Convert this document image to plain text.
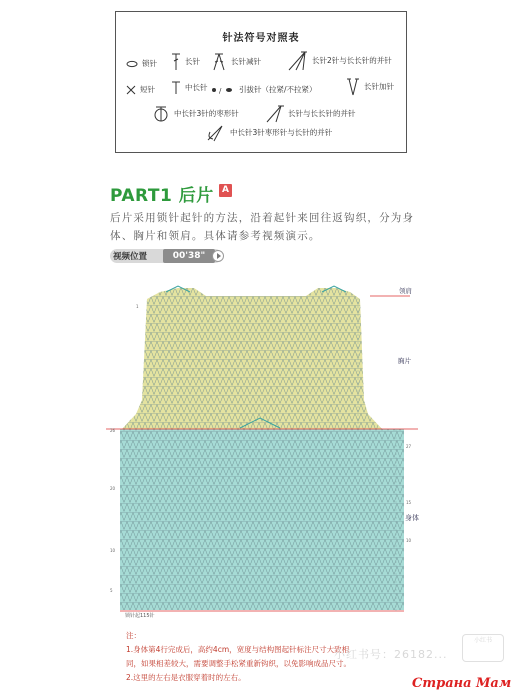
针法符号对照表
锁针	长针	长针减针	长针2针与长长针的并针
短针	中长针 / 引拔针（拉紧/不拉紧）	长针加针
中长针3针的枣形针	长针与长长针的并针
中长针3针枣形针与长针的并针
PART1 后片 A
后片采用锁针起针的方法，沿着起针来回往返钩织，分为身体、胸片和领肩。具体请参考视频演示。
视频位置	00'38"
1
26
27
20
10
5
15
10
领肩
胸片
身体
锁针起115针
注：
1.身体第4行完成后，高约4cm，宽度与结构图起针标注尺寸大致相
同，如果相差较大，需要调整手松紧重新钩织，以免影响成品尺寸。
2.这里的左右是衣服穿着时的左右。
小红书号：26182...
小红书
Страна Мам
